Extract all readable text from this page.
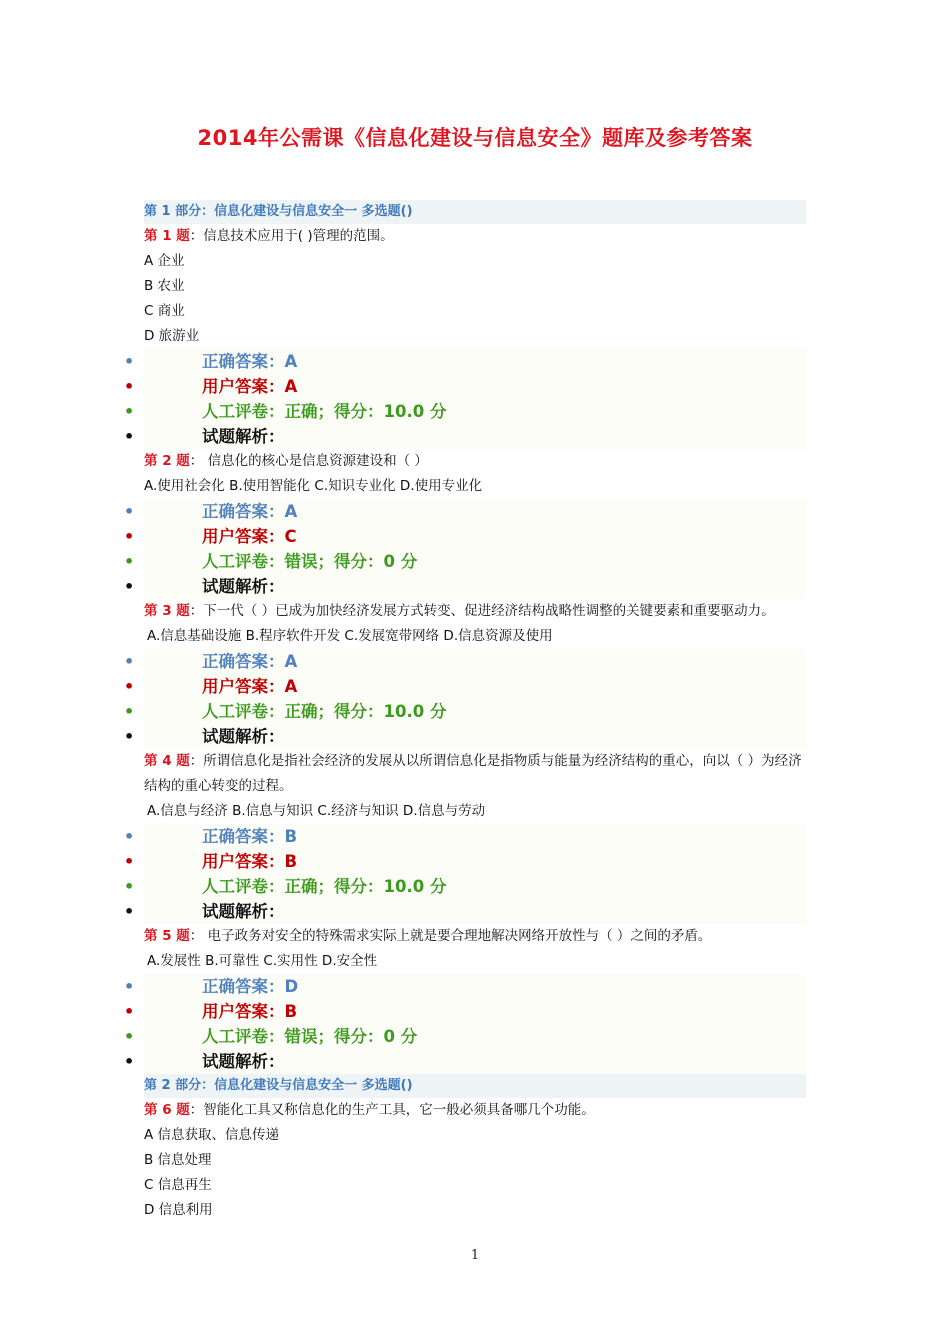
2014年公需课《信息化建设与信息安全》题库及参考答案
第 1 部分：信息化建设与信息安全一 多选题()
第 1 题：信息技术应用于( )管理的范围。
A 企业
B 农业
C 商业
D 旅游业
•	正确答案：A
•	用户答案：A
•	人工评卷：正确；得分：10.0 分
•	试题解析：
第 2 题： 信息化的核心是信息资源建设和（ ）
A.使用社会化 B.使用智能化 C.知识专业化 D.使用专业化
•	正确答案：A
•	用户答案：C
•	人工评卷：错误；得分：0 分
•	试题解析：
第 3 题：下一代（ ）已成为加快经济发展方式转变、促进经济结构战略性调整的关键要素和重要驱动力。
A.信息基础设施 B.程序软件开发 C.发展宽带网络 D.信息资源及使用
•	正确答案：A
•	用户答案：A
•	人工评卷：正确；得分：10.0 分
•	试题解析：
第 4 题：所谓信息化是指社会经济的发展从以所谓信息化是指物质与能量为经济结构的重心，向以（ ）为经济结构的重心转变的过程。
A.信息与经济 B.信息与知识 C.经济与知识 D.信息与劳动
•	正确答案：B
•	用户答案：B
•	人工评卷：正确；得分：10.0 分
•	试题解析：
第 5 题： 电子政务对安全的特殊需求实际上就是要合理地解决网络开放性与（ ）之间的矛盾。
A.发展性 B.可靠性 C.实用性 D.安全性
•	正确答案：D
•	用户答案：B
•	人工评卷：错误；得分：0 分
•	试题解析：
第 2 部分：信息化建设与信息安全一 多选题()
第 6 题：智能化工具又称信息化的生产工具，它一般必须具备哪几个功能。
A 信息获取、信息传递
B 信息处理
C 信息再生
D 信息利用
1
